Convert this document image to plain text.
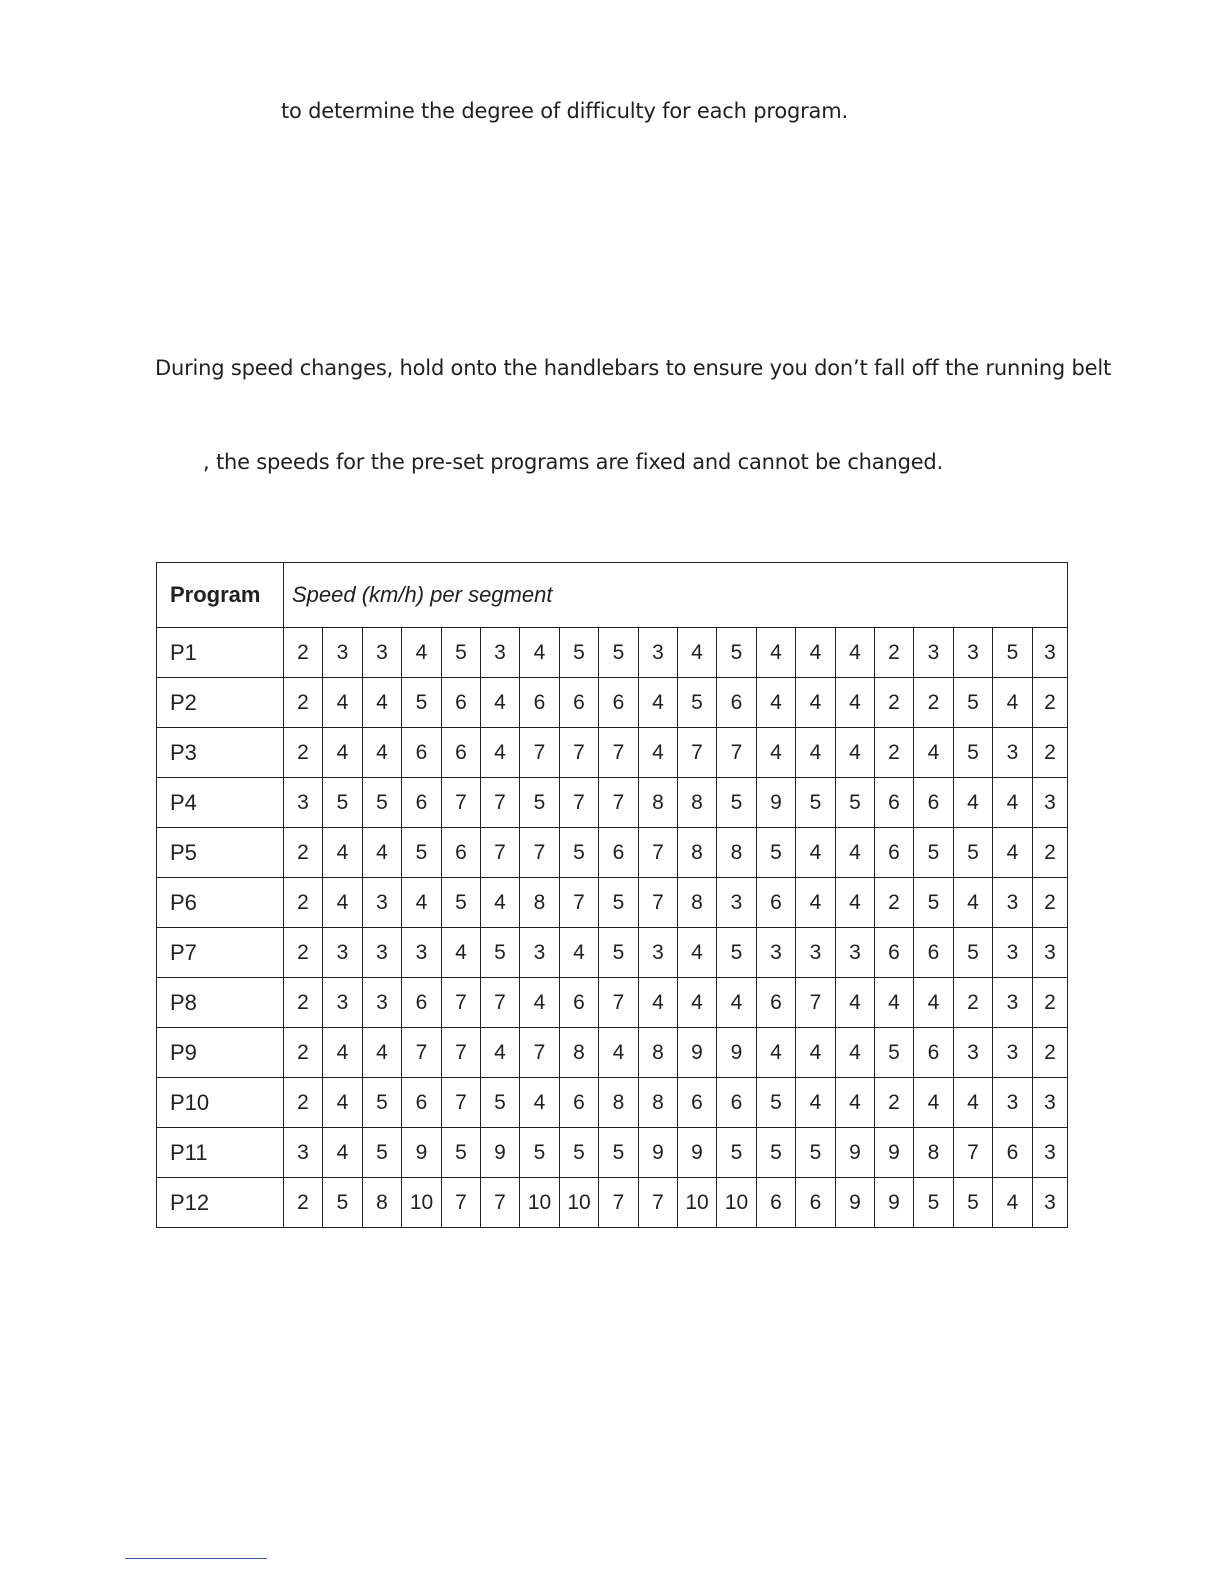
to determine the degree of difficulty for each program.
During speed changes, hold onto the handlebars to ensure you don’t fall off the running belt
, the speeds for the pre-set programs are fixed and cannot be changed.
Program	Speed (km/h) per segment																			
P1	2	3	3	4	5	3	4	5	5	3	4	5	4	4	4	2	3	3	5	3
P2	2	4	4	5	6	4	6	6	6	4	5	6	4	4	4	2	2	5	4	2
P3	2	4	4	6	6	4	7	7	7	4	7	7	4	4	4	2	4	5	3	2
P4	3	5	5	6	7	7	5	7	7	8	8	5	9	5	5	6	6	4	4	3
P5	2	4	4	5	6	7	7	5	6	7	8	8	5	4	4	6	5	5	4	2
P6	2	4	3	4	5	4	8	7	5	7	8	3	6	4	4	2	5	4	3	2
P7	2	3	3	3	4	5	3	4	5	3	4	5	3	3	3	6	6	5	3	3
P8	2	3	3	6	7	7	4	6	7	4	4	4	6	7	4	4	4	2	3	2
P9	2	4	4	7	7	4	7	8	4	8	9	9	4	4	4	5	6	3	3	2
P10	2	4	5	6	7	5	4	6	8	8	6	6	5	4	4	2	4	4	3	3
P11	3	4	5	9	5	9	5	5	5	9	9	5	5	5	9	9	8	7	6	3
P12	2	5	8	10	7	7	10	10	7	7	10	10	6	6	9	9	5	5	4	3
